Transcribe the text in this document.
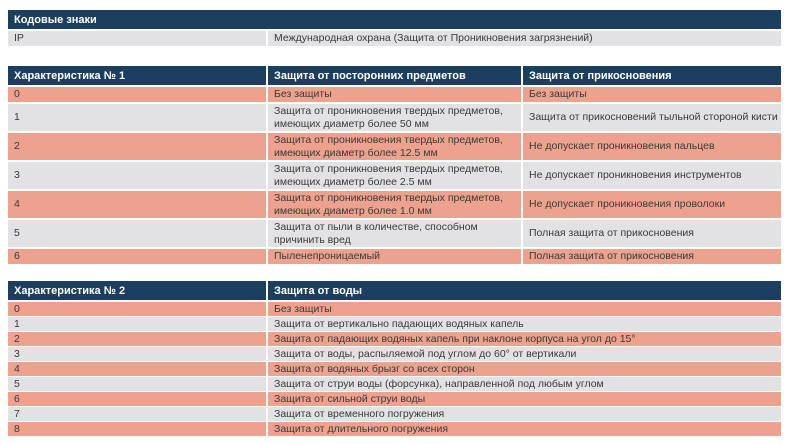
Кодовые знаки
IP	Международная охрана (Защита от Проникновения загрязнений)
Характеристика № 1	Защита от посторонних предметов	Защита от прикосновения
0	Без защиты	Без защиты
1	Защита от проникновения твердых предметов, имеющих диаметр более 50 мм	Защита от прикосновений тыльной стороной кисти
2	Защита от проникновения твердых предметов, имеющих диаметр более 12.5 мм	Не допускает проникновения пальцев
3	Защита от проникновения твердых предметов, имеющих диаметр более 2.5 мм	Не допускает проникновения инструментов
4	Защита от проникновения твердых предметов, имеющих диаметр более 1.0 мм	Не допускает проникновения проволоки
5	Защита от пыли в количестве, способном причинить вред	Полная защита от прикосновения
6	Пыленепроницаемый	Полная защита от прикосновения
Характеристика № 2	Защита от воды
0	Без защиты
1	Защита от вертикально падающих водяных капель
2	Защита от падающих водяных капель при наклоне корпуса на угол до 15°
3	Защита от воды, распыляемой под углом до 60° от вертикали
4	Защита от водяных брызг со всех сторон
5	Защита от струи воды (форсунка), направленной под любым углом
6	Защита от сильной струи воды
7	Защита от временного погружения
8	Защита от длительного погружения
